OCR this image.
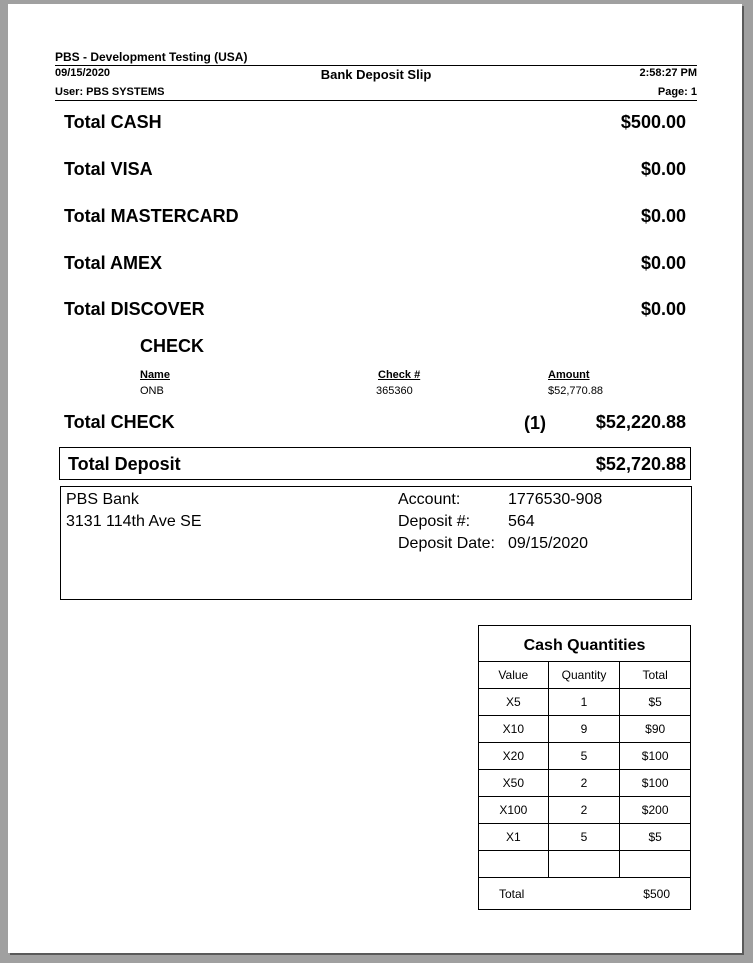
PBS - Development Testing (USA)
09/15/2020	Bank Deposit Slip	2:58:27 PM
User: PBS SYSTEMS	Page: 1
Total CASH	$500.00
Total VISA	$0.00
Total MASTERCARD	$0.00
Total AMEX	$0.00
Total DISCOVER	$0.00
CHECK
Name	Check #	Amount
ONB	365360	$52,770.88
Total CHECK	(1)	$52,220.88
Total Deposit	$52,720.88
PBS Bank
3131 114th Ave SE
Account:	1776530-908
Deposit #: 564
Deposit Date: 09/15/2020
Cash Quantities		
Value	Quantity	Total
X5	1	$5
X10	9	$90
X20	5	$100
X50	2	$100
X100	2	$200
X1	5	$5

Total		$500
